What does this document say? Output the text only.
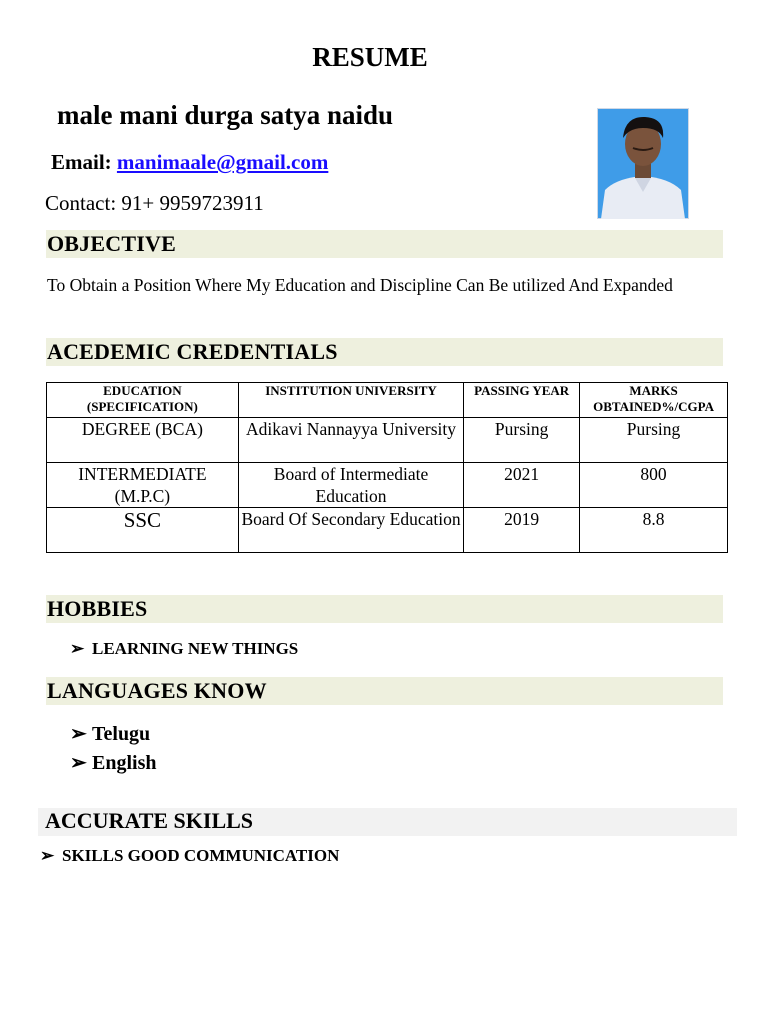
RESUME
male mani durga satya naidu
Email: manimaale@gmail.com
Contact: 91+ 9959723911
OBJECTIVE
To Obtain a Position Where My Education and Discipline Can Be utilized And Expanded
ACEDEMIC CREDENTIALS
EDUCATION (SPECIFICATION)	INSTITUTION UNIVERSITY	PASSING YEAR	MARKS OBTAINED%/CGPA
DEGREE (BCA)	Adikavi Nannayya University	Pursing	Pursing
INTERMEDIATE (M.P.C)	Board of Intermediate Education	2021	800
SSC	Board Of Secondary Education	2019	8.8
HOBBIES
➢ LEARNING NEW THINGS
LANGUAGES KNOW
➢ Telugu
➢ English
ACCURATE SKILLS
➢ SKILLS GOOD COMMUNICATION
